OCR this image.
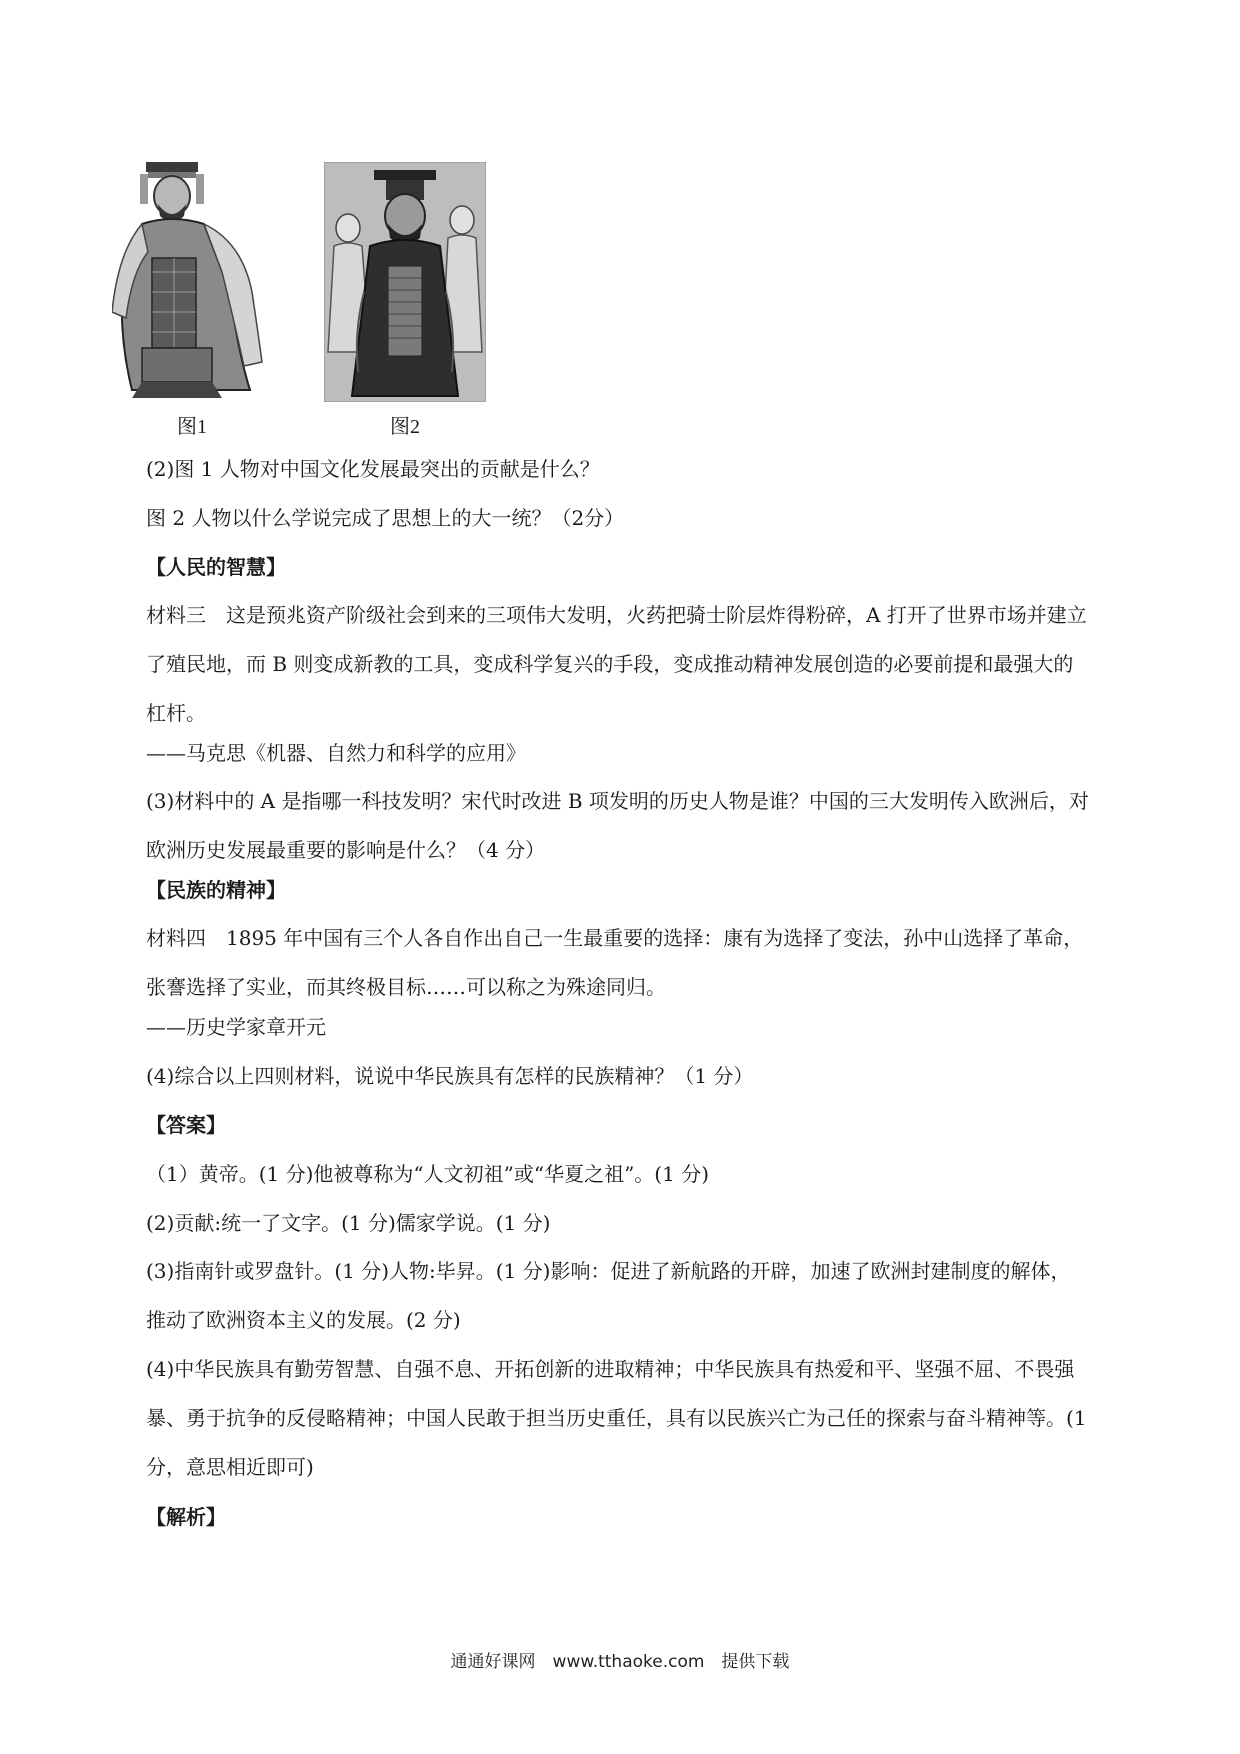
图1	图2
(2)图 1 人物对中国文化发展最突出的贡献是什么？
图 2 人物以什么学说完成了思想上的大一统？（2分）
【人民的智慧】
材料三　这是预兆资产阶级社会到来的三项伟大发明，火药把骑士阶层炸得粉碎，A 打开了世界市场并建立
了殖民地，而 B 则变成新教的工具，变成科学复兴的手段，变成推动精神发展创造的必要前提和最强大的
杠杆。
——马克思《机器、自然力和科学的应用》
(3)材料中的 A 是指哪一科技发明？宋代时改进 B 项发明的历史人物是谁？中国的三大发明传入欧洲后，对
欧洲历史发展最重要的影响是什么？（4 分）
【民族的精神】
材料四　1895 年中国有三个人各自作出自己一生最重要的选择：康有为选择了变法，孙中山选择了革命，
张謇选择了实业，而其终极目标……可以称之为殊途同归。
——历史学家章开元
(4)综合以上四则材料，说说中华民族具有怎样的民族精神？（1 分）
【答案】
（1）黄帝。(1 分)他被尊称为“人文初祖”或“华夏之祖”。(1 分)
(2)贡献:统一了文字。(1 分)儒家学说。(1 分)
(3)指南针或罗盘针。(1 分)人物:毕昇。(1 分)影响：促进了新航路的开辟，加速了欧洲封建制度的解体，
推动了欧洲资本主义的发展。(2 分)
(4)中华民族具有勤劳智慧、自强不息、开拓创新的进取精神；中华民族具有热爱和平、坚强不屈、不畏强
暴、勇于抗争的反侵略精神；中国人民敢于担当历史重任，具有以民族兴亡为己任的探索与奋斗精神等。(1
分，意思相近即可)
【解析】
通通好课网　www.tthaoke.com　提供下载
